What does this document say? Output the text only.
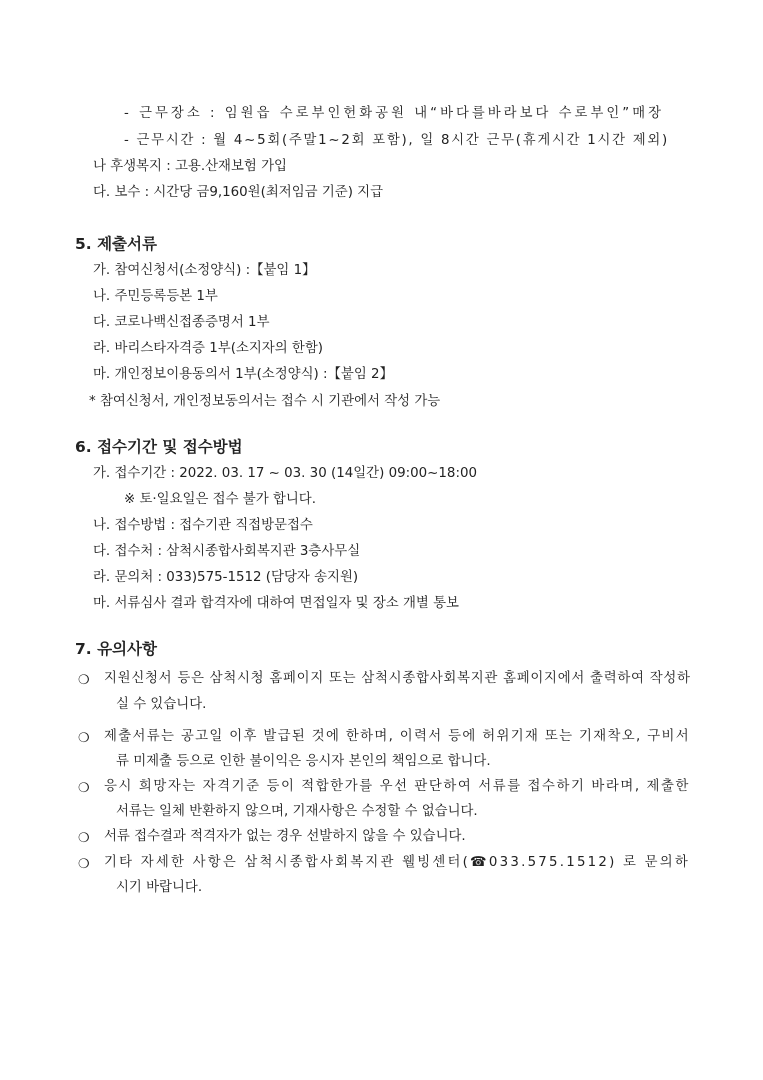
- 근무장소 : 임원읍 수로부인헌화공원 내“바다를바라보다 수로부인”매장
- 근무시간 : 월 4~5회(주말1~2회 포함), 일 8시간 근무(휴게시간 1시간 제외)
나 후생복지 : 고용.산재보험 가입
다. 보수 : 시간당 금9,160원(최저임금 기준) 지급
5. 제출서류
가. 참여신청서(소정양식) :【붙임 1】
나. 주민등록등본 1부
다. 코로나백신접종증명서 1부
라. 바리스타자격증 1부(소지자의 한함)
마. 개인정보이용동의서 1부(소정양식) :【붙임 2】
* 참여신청서, 개인정보동의서는 접수 시 기관에서 작성 가능
6. 접수기간 및 접수방법
가. 접수기간 : 2022. 03. 17 ~ 03. 30 (14일간) 09:00~18:00
※ 토·일요일은 접수 불가 합니다.
나. 접수방법 : 접수기관 직접방문접수
다. 접수처 : 삼척시종합사회복지관 3층사무실
라. 문의처 : 033)575-1512 (담당자 송지원)
마. 서류심사 결과 합격자에 대하여 면접일자 및 장소 개별 통보
7. 유의사항
❍ 지원신청서 등은 삼척시청 홈페이지 또는 삼척시종합사회복지관 홈페이지에서 출력하여 작성하
실 수 있습니다.
❍ 제출서류는 공고일 이후 발급된 것에 한하며, 이력서 등에 허위기재 또는 기재착오, 구비서
류 미제출 등으로 인한 불이익은 응시자 본인의 책임으로 합니다.
❍ 응시 희망자는 자격기준 등이 적합한가를 우선 판단하여 서류를 접수하기 바라며, 제출한
서류는 일체 반환하지 않으며, 기재사항은 수정할 수 없습니다.
❍ 서류 접수결과 적격자가 없는 경우 선발하지 않을 수 있습니다.
❍ 기타 자세한 사항은 삼척시종합사회복지관 웰빙센터(☎033.575.1512) 로 문의하
시기 바랍니다.
